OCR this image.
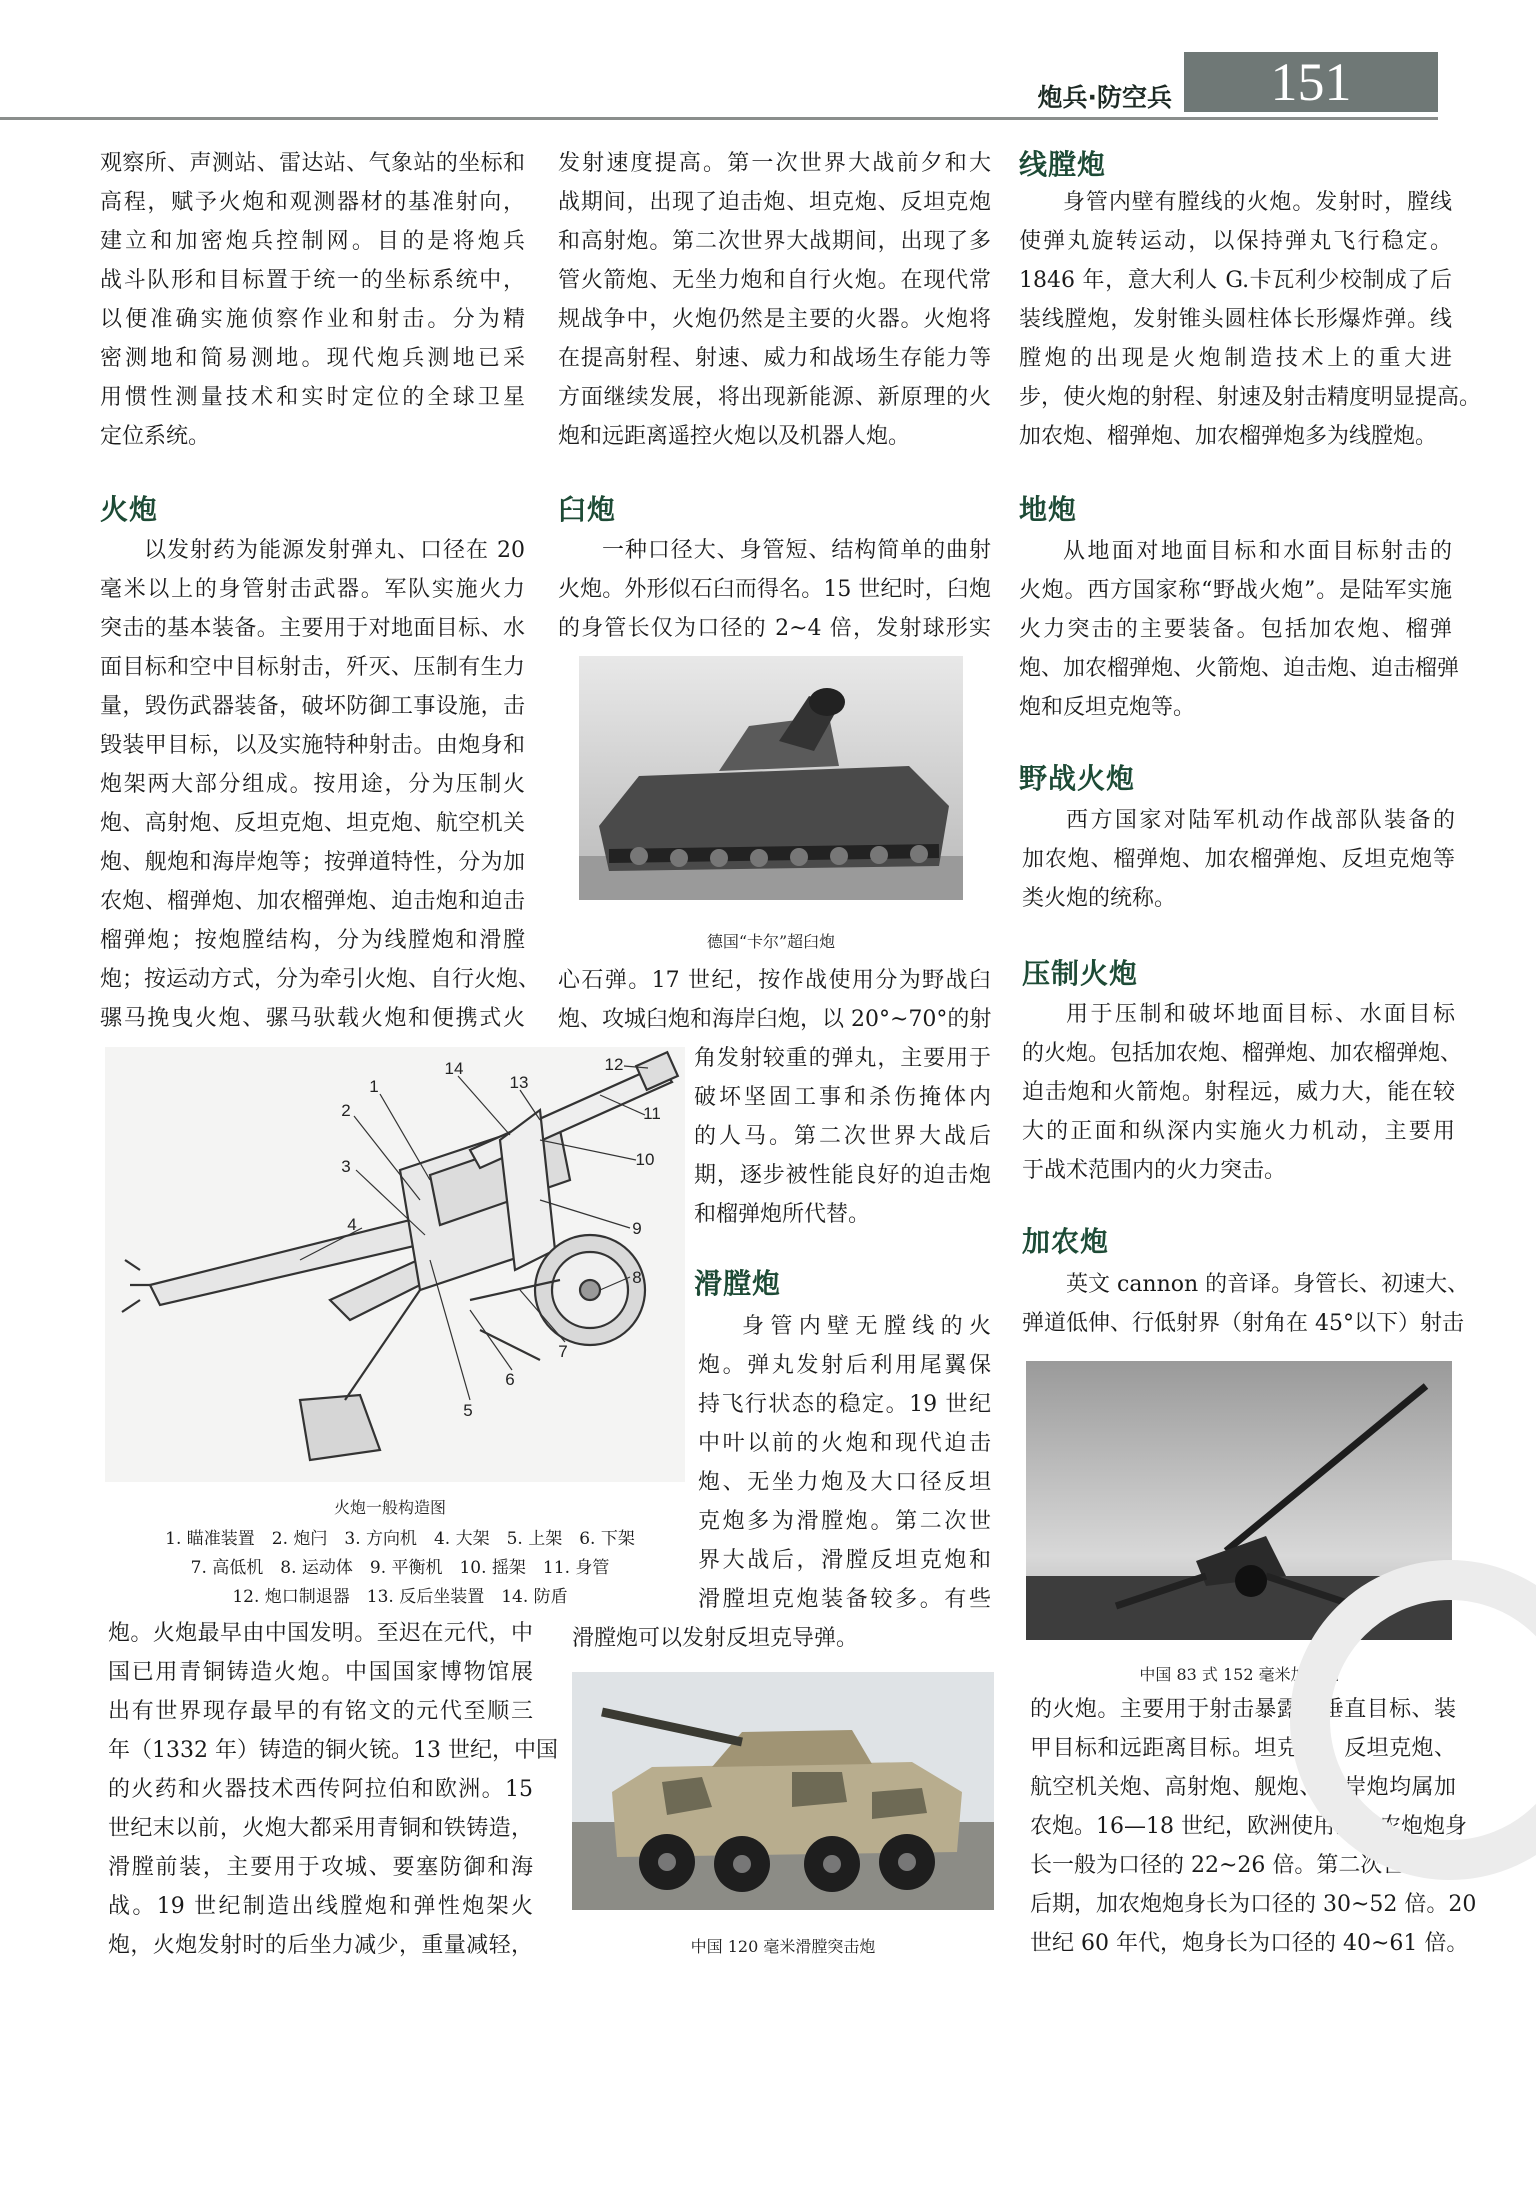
炮兵·防空兵	151
观察所、声测站、雷达站、气象站的坐标和
高程，赋予火炮和观测器材的基准射向，
建立和加密炮兵控制网。目的是将炮兵
战斗队形和目标置于统一的坐标系统中，
以便准确实施侦察作业和射击。分为精
密测地和简易测地。现代炮兵测地已采
用惯性测量技术和实时定位的全球卫星
定位系统。
火炮
以发射药为能源发射弹丸、口径在 20
毫米以上的身管射击武器。军队实施火力
突击的基本装备。主要用于对地面目标、水
面目标和空中目标射击，歼灭、压制有生力
量，毁伤武器装备，破坏防御工事设施，击
毁装甲目标，以及实施特种射击。由炮身和
炮架两大部分组成。按用途，分为压制火
炮、高射炮、反坦克炮、坦克炮、航空机关
炮、舰炮和海岸炮等；按弹道特性，分为加
农炮、榴弹炮、加农榴弹炮、迫击炮和迫击
榴弹炮；按炮膛结构，分为线膛炮和滑膛
炮；按运动方式，分为牵引火炮、自行火炮、
骡马挽曳火炮、骡马驮载火炮和便携式火
1
2
3
4
5
6
7
8
9
10
11
12
13
14
火炮一般构造图
1. 瞄准装置　2. 炮闩　3. 方向机　4. 大架　5. 上架　6. 下架
7. 高低机　8. 运动体　9. 平衡机　10. 摇架　11. 身管
12. 炮口制退器　13. 反后坐装置　14. 防盾
炮。火炮最早由中国发明。至迟在元代，中
国已用青铜铸造火炮。中国国家博物馆展
出有世界现存最早的有铭文的元代至顺三
年（1332 年）铸造的铜火铳。13 世纪，中国
的火药和火器技术西传阿拉伯和欧洲。15
世纪末以前，火炮大都采用青铜和铁铸造，
滑膛前装，主要用于攻城、要塞防御和海
战。19 世纪制造出线膛炮和弹性炮架火
炮，火炮发射时的后坐力减少，重量减轻，
发射速度提高。第一次世界大战前夕和大
战期间，出现了迫击炮、坦克炮、反坦克炮
和高射炮。第二次世界大战期间，出现了多
管火箭炮、无坐力炮和自行火炮。在现代常
规战争中，火炮仍然是主要的火器。火炮将
在提高射程、射速、威力和战场生存能力等
方面继续发展，将出现新能源、新原理的火
炮和远距离遥控火炮以及机器人炮。
臼炮
一种口径大、身管短、结构简单的曲射
火炮。外形似石臼而得名。15 世纪时，臼炮
的身管长仅为口径的 2~4 倍，发射球形实
德国“卡尔”超臼炮
心石弹。17 世纪，按作战使用分为野战臼
炮、攻城臼炮和海岸臼炮，以 20°~70°的射
角发射较重的弹丸，主要用于
破坏坚固工事和杀伤掩体内
的人马。第二次世界大战后
期，逐步被性能良好的迫击炮
和榴弹炮所代替。
滑膛炮
身管内壁无膛线的火
炮。弹丸发射后利用尾翼保
持飞行状态的稳定。19 世纪
中叶以前的火炮和现代迫击
炮、无坐力炮及大口径反坦
克炮多为滑膛炮。第二次世
界大战后，滑膛反坦克炮和
滑膛坦克炮装备较多。有些
滑膛炮可以发射反坦克导弹。
中国 120 毫米滑膛突击炮
线膛炮
身管内壁有膛线的火炮。发射时，膛线
使弹丸旋转运动，以保持弹丸飞行稳定。
1846 年，意大利人 G.卡瓦利少校制成了后
装线膛炮，发射锥头圆柱体长形爆炸弹。线
膛炮的出现是火炮制造技术上的重大进
步，使火炮的射程、射速及射击精度明显提高。
加农炮、榴弹炮、加农榴弹炮多为线膛炮。
地炮
从地面对地面目标和水面目标射击的
火炮。西方国家称“野战火炮”。是陆军实施
火力突击的主要装备。包括加农炮、榴弹
炮、加农榴弹炮、火箭炮、迫击炮、迫击榴弹
炮和反坦克炮等。
野战火炮
西方国家对陆军机动作战部队装备的
加农炮、榴弹炮、加农榴弹炮、反坦克炮等
类火炮的统称。
压制火炮
用于压制和破坏地面目标、水面目标
的火炮。包括加农炮、榴弹炮、加农榴弹炮、
迫击炮和火箭炮。射程远，威力大，能在较
大的正面和纵深内实施火力机动，主要用
于战术范围内的火力突击。
加农炮
英文 cannon 的音译。身管长、初速大、
弹道低伸、行低射界（射角在 45°以下）射击
中国 83 式 152 毫米加农炮
的火炮。主要用于射击暴露的垂直目标、装
甲目标和远距离目标。坦克炮、反坦克炮、
航空机关炮、高射炮、舰炮、海岸炮均属加
农炮。16—18 世纪，欧洲使用的加农炮炮身
长一般为口径的 22~26 倍。第二次世界大战
后期，加农炮炮身长为口径的 30~52 倍。20
世纪 60 年代，炮身长为口径的 40~61 倍。
